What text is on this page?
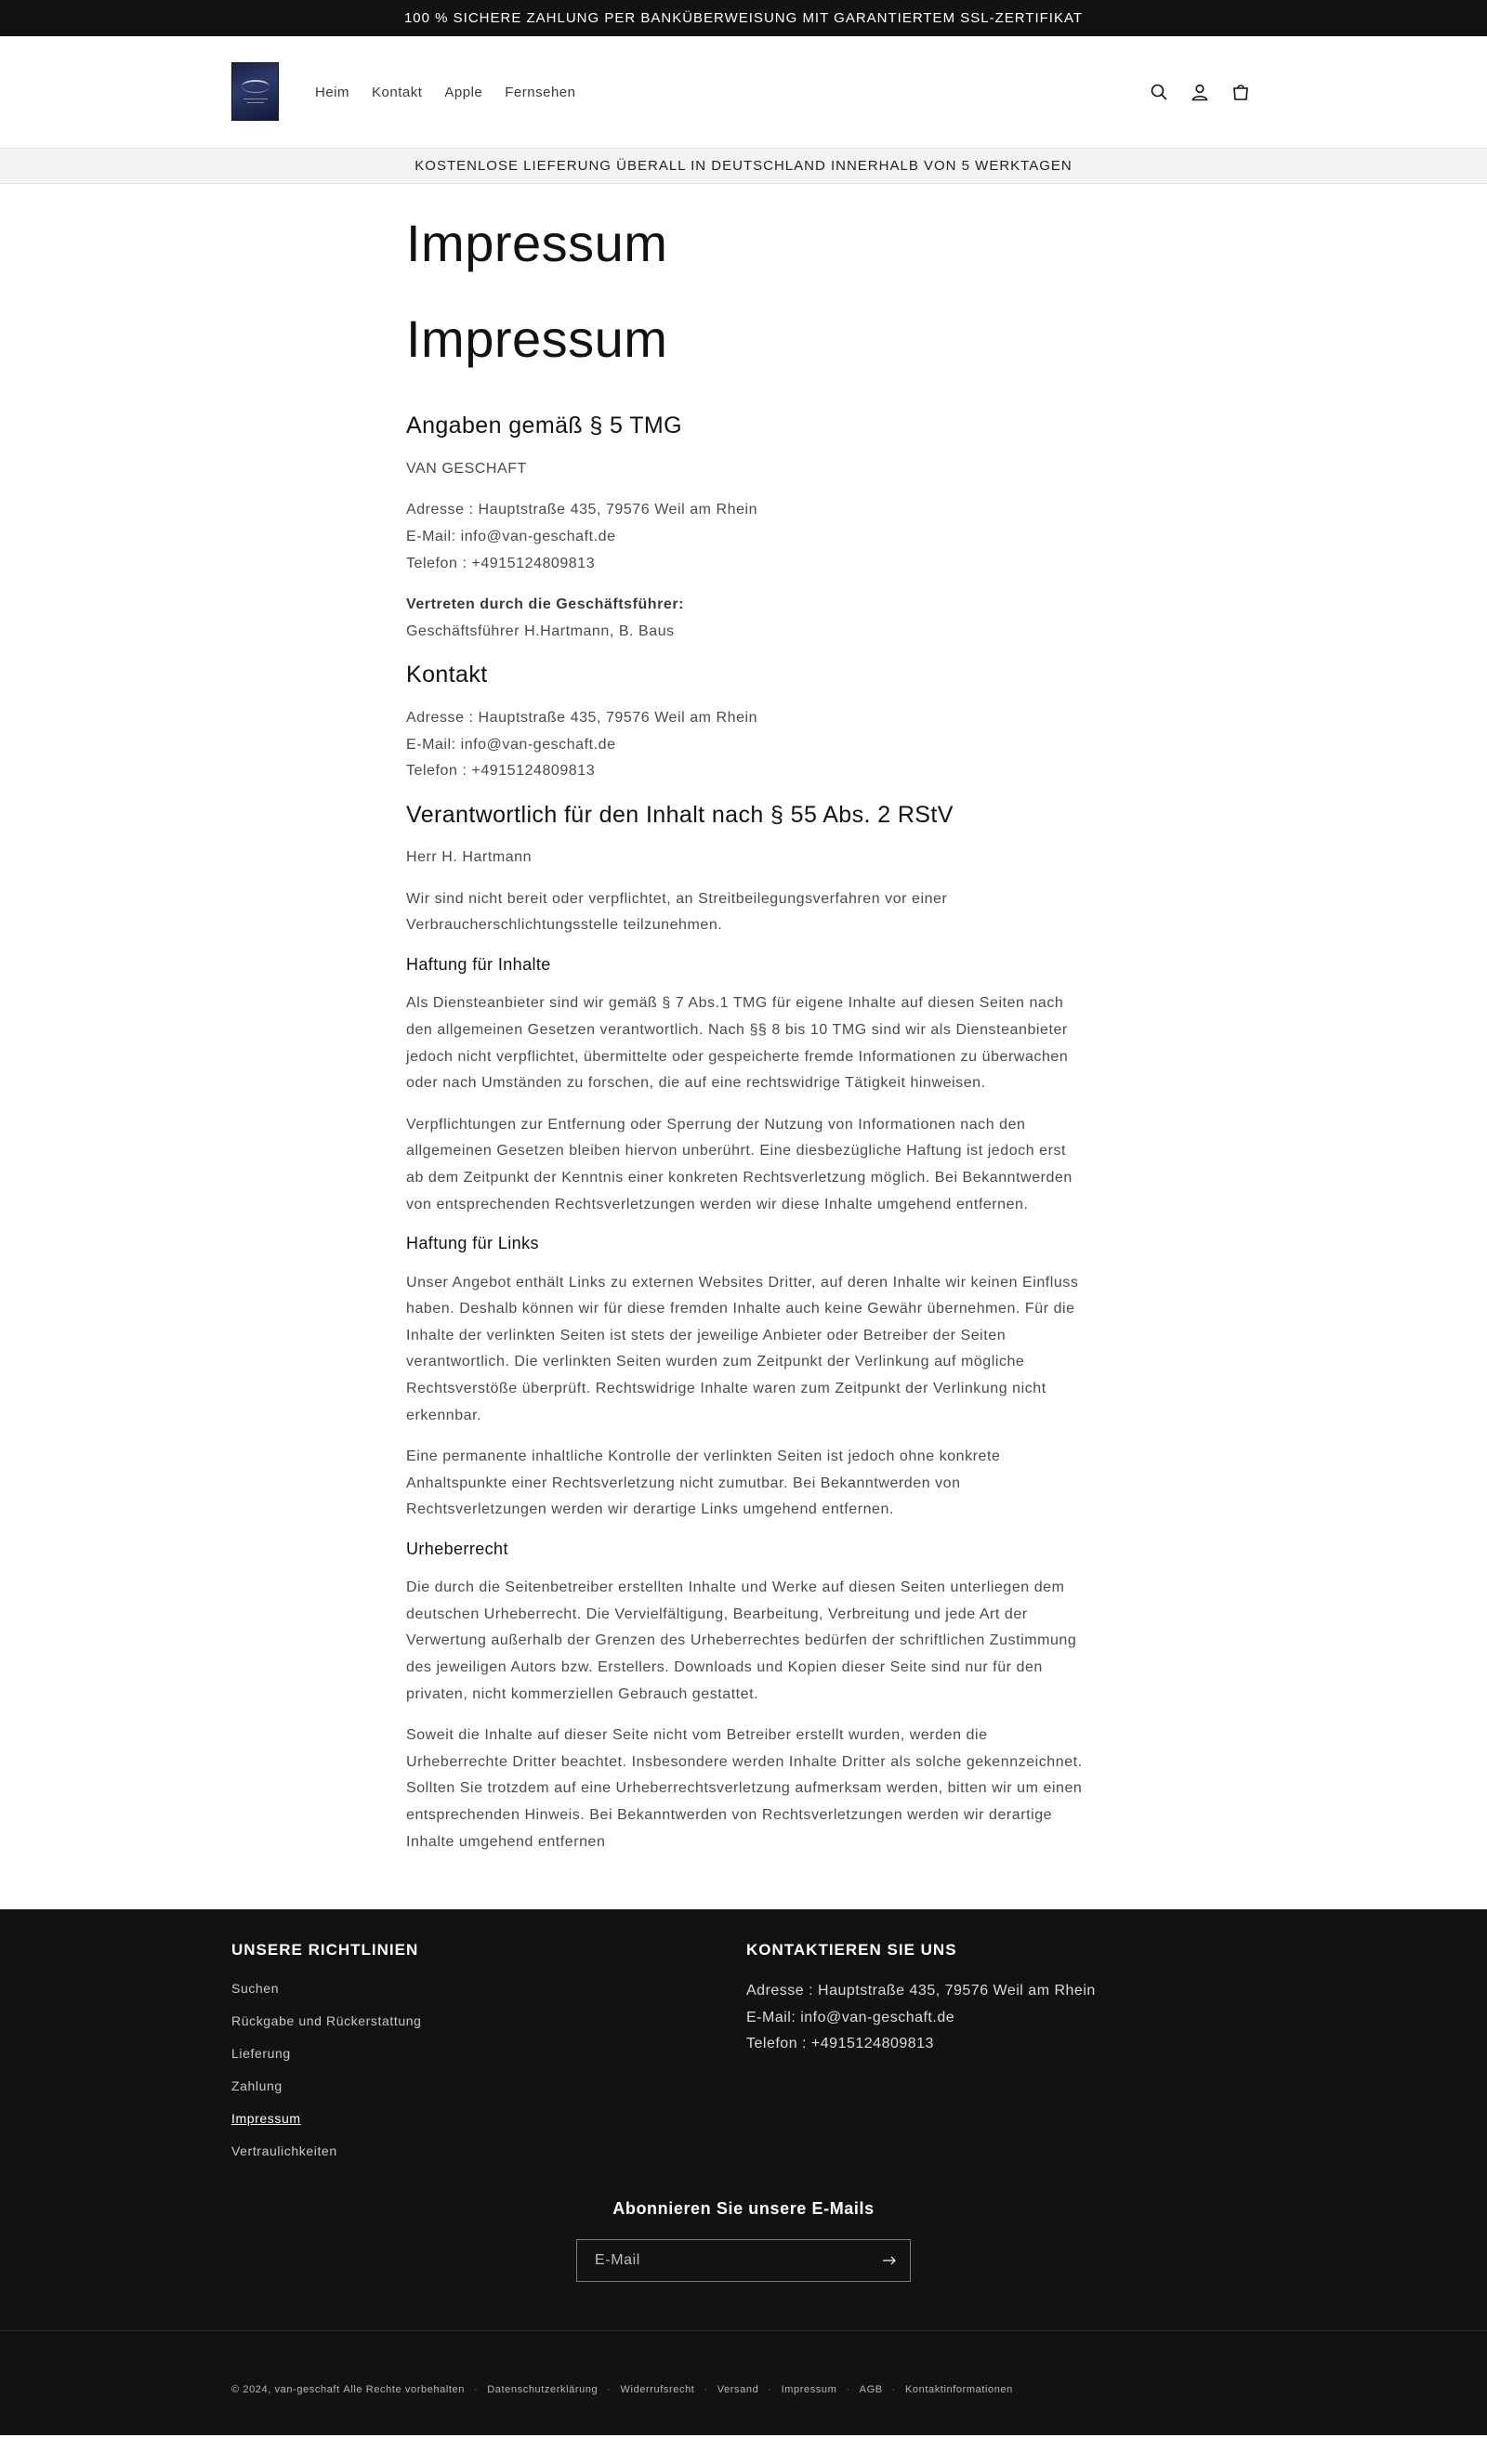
100 % SICHERE ZAHLUNG PER BANKÜBERWEISUNG MIT GARANTIERTEM SSL-ZERTIFIKAT
Heim	Kontakt	Apple	Fernsehen
KOSTENLOSE LIEFERUNG ÜBERALL IN DEUTSCHLAND INNERHALB VON 5 WERKTAGEN
Impressum
Impressum
Angaben gemäß § 5 TMG

VAN GESCHAFT

Adresse : Hauptstraße 435, 79576 Weil am Rhein
E-Mail: info@van-geschaft.de
Telefon : +4915124809813

Vertreten durch die Geschäftsführer:
Geschäftsführer H.Hartmann, B. Baus

Kontakt

Adresse : Hauptstraße 435, 79576 Weil am Rhein
E-Mail: info@van-geschaft.de
Telefon : +4915124809813

Verantwortlich für den Inhalt nach § 55 Abs. 2 RStV

Herr H. Hartmann

Wir sind nicht bereit oder verpflichtet, an Streitbeilegungsverfahren vor einer Verbraucherschlichtungsstelle teilzunehmen.

Haftung für Inhalte

Als Diensteanbieter sind wir gemäß § 7 Abs.1 TMG für eigene Inhalte auf diesen Seiten nach den allgemeinen Gesetzen verantwortlich. Nach §§ 8 bis 10 TMG sind wir als Diensteanbieter jedoch nicht verpflichtet, übermittelte oder gespeicherte fremde Informationen zu überwachen oder nach Umständen zu forschen, die auf eine rechtswidrige Tätigkeit hinweisen.

Verpflichtungen zur Entfernung oder Sperrung der Nutzung von Informationen nach den allgemeinen Gesetzen bleiben hiervon unberührt. Eine diesbezügliche Haftung ist jedoch erst ab dem Zeitpunkt der Kenntnis einer konkreten Rechtsverletzung möglich. Bei Bekanntwerden von entsprechenden Rechtsverletzungen werden wir diese Inhalte umgehend entfernen.

Haftung für Links

Unser Angebot enthält Links zu externen Websites Dritter, auf deren Inhalte wir keinen Einfluss haben. Deshalb können wir für diese fremden Inhalte auch keine Gewähr übernehmen. Für die Inhalte der verlinkten Seiten ist stets der jeweilige Anbieter oder Betreiber der Seiten verantwortlich. Die verlinkten Seiten wurden zum Zeitpunkt der Verlinkung auf mögliche Rechtsverstöße überprüft. Rechtswidrige Inhalte waren zum Zeitpunkt der Verlinkung nicht erkennbar.

Eine permanente inhaltliche Kontrolle der verlinkten Seiten ist jedoch ohne konkrete Anhaltspunkte einer Rechtsverletzung nicht zumutbar. Bei Bekanntwerden von Rechtsverletzungen werden wir derartige Links umgehend entfernen.

Urheberrecht

Die durch die Seitenbetreiber erstellten Inhalte und Werke auf diesen Seiten unterliegen dem deutschen Urheberrecht. Die Vervielfältigung, Bearbeitung, Verbreitung und jede Art der Verwertung außerhalb der Grenzen des Urheberrechtes bedürfen der schriftlichen Zustimmung des jeweiligen Autors bzw. Erstellers. Downloads und Kopien dieser Seite sind nur für den privaten, nicht kommerziellen Gebrauch gestattet.

Soweit die Inhalte auf dieser Seite nicht vom Betreiber erstellt wurden, werden die Urheberrechte Dritter beachtet. Insbesondere werden Inhalte Dritter als solche gekennzeichnet. Sollten Sie trotzdem auf eine Urheberrechtsverletzung aufmerksam werden, bitten wir um einen entsprechenden Hinweis. Bei Bekanntwerden von Rechtsverletzungen werden wir derartige Inhalte umgehend entfernen

UNSERE RICHTLINIEN
Suchen
Rückgabe und Rückerstattung
Lieferung
Zahlung
Impressum
Vertraulichkeiten
KONTAKTIEREN SIE UNS

Adresse : Hauptstraße 435, 79576 Weil am Rhein

E-Mail: info@van-geschaft.de

Telefon : +4915124809813

Abonnieren Sie unsere E-Mails
E-Mail
© 2024, van-geschaft
Alle Rechte vorbehalten · Datenschutzerklärung · Widerrufsrecht · Versand · Impressum · AGB · Kontaktinformationen
